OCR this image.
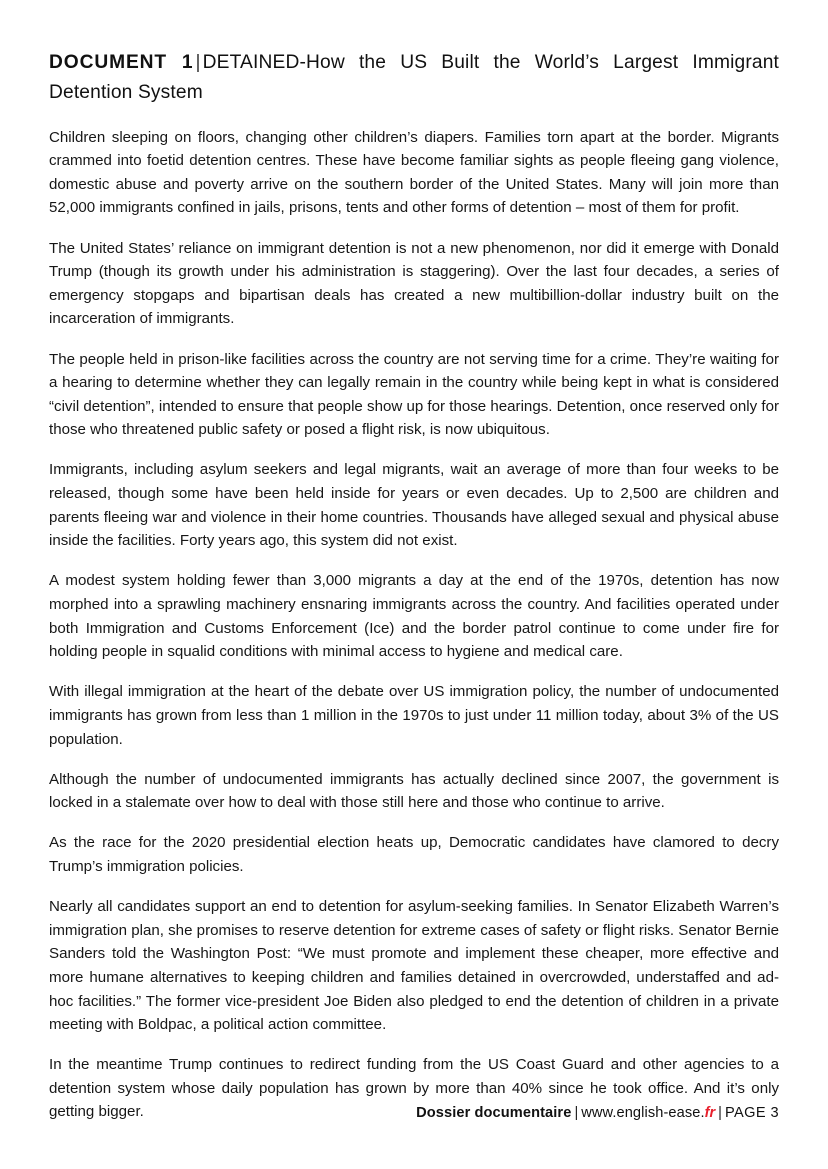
DOCUMENT 1 | DETAINED-How the US Built the World’s Largest Immigrant Detention System

Children sleeping on floors, changing other children’s diapers. Families torn apart at the border. Migrants crammed into foetid detention centres. These have become familiar sights as people fleeing gang violence, domestic abuse and poverty arrive on the southern border of the United States. Many will join more than 52,000 immigrants confined in jails, prisons, tents and other forms of detention – most of them for profit.

The United States’ reliance on immigrant detention is not a new phenomenon, nor did it emerge with Donald Trump (though its growth under his administration is staggering). Over the last four decades, a series of emergency stopgaps and bipartisan deals has created a new multibillion-dollar industry built on the incarceration of immigrants.

The people held in prison-like facilities across the country are not serving time for a crime. They’re waiting for a hearing to determine whether they can legally remain in the country while being kept in what is considered “civil detention”, intended to ensure that people show up for those hearings. Detention, once reserved only for those who threatened public safety or posed a flight risk, is now ubiquitous.

Immigrants, including asylum seekers and legal migrants, wait an average of more than four weeks to be released, though some have been held inside for years or even decades. Up to 2,500 are children and parents fleeing war and violence in their home countries. Thousands have alleged sexual and physical abuse inside the facilities. Forty years ago, this system did not exist.

A modest system holding fewer than 3,000 migrants a day at the end of the 1970s, detention has now morphed into a sprawling machinery ensnaring immigrants across the country. And facilities operated under both Immigration and Customs Enforcement (Ice) and the border patrol continue to come under fire for holding people in squalid conditions with minimal access to hygiene and medical care.

With illegal immigration at the heart of the debate over US immigration policy, the number of undocumented immigrants has grown from less than 1 million in the 1970s to just under 11 million today, about 3% of the US population.

Although the number of undocumented immigrants has actually declined since 2007, the government is locked in a stalemate over how to deal with those still here and those who continue to arrive.

As the race for the 2020 presidential election heats up, Democratic candidates have clamored to decry Trump’s immigration policies.

Nearly all candidates support an end to detention for asylum-seeking families. In Senator Elizabeth Warren’s immigration plan, she promises to reserve detention for extreme cases of safety or flight risks. Senator Bernie Sanders told the Washington Post: “We must promote and implement these cheaper, more effective and more humane alternatives to keeping children and families detained in overcrowded, understaffed and ad-hoc facilities.” The former vice-president Joe Biden also pledged to end the detention of children in a private meeting with Boldpac, a political action committee.

In the meantime Trump continues to redirect funding from the US Coast Guard and other agencies to a detention system whose daily population has grown by more than 40% since he took office. And it’s only getting bigger.	Dossier documentaire | www.english-ease.fr | PAGE 3
